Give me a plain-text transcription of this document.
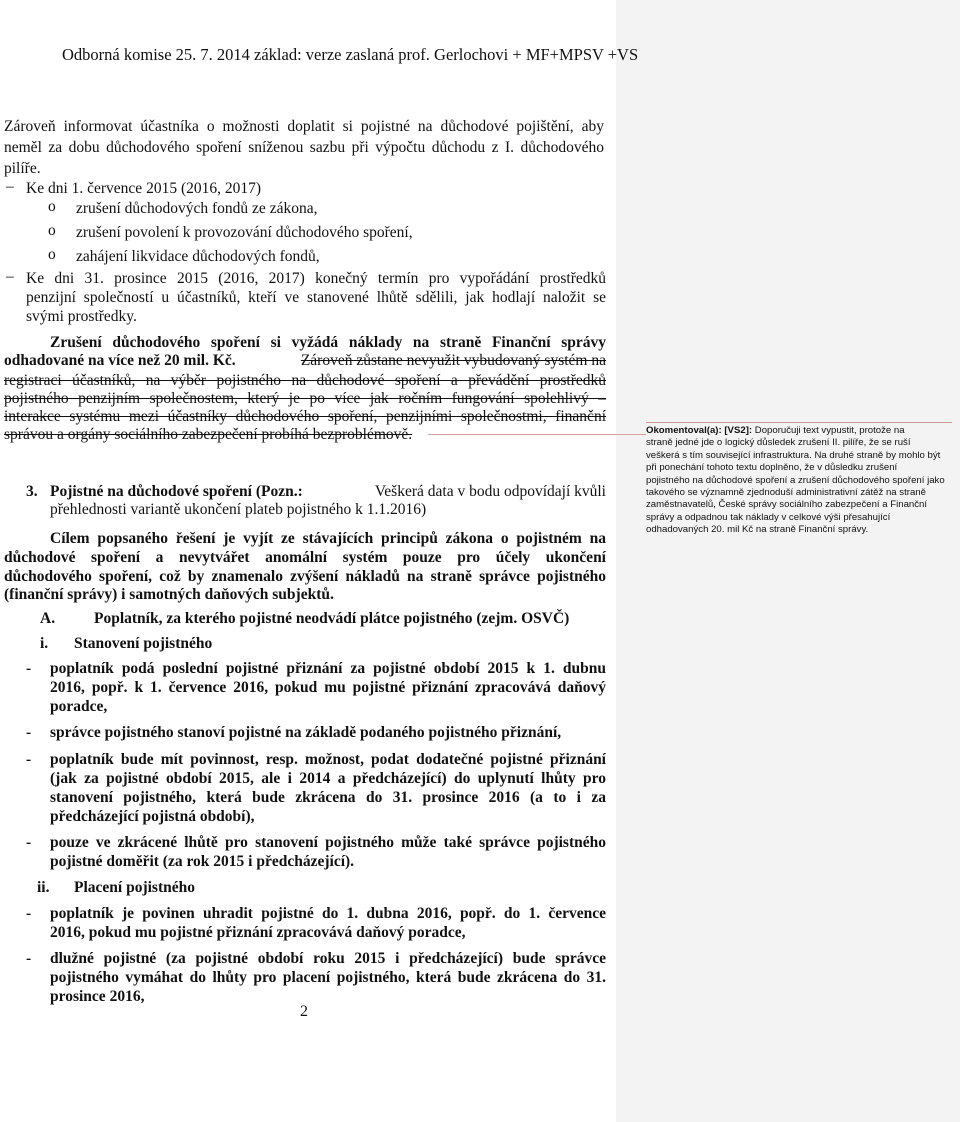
Odborná komise 25. 7. 2014 základ: verze zaslaná prof. Gerlochovi + MF+MPSV +VS
Zároveň informovat účastníka o možnosti doplatit si pojistné na důchodové pojištění, aby
neměl za dobu důchodového spoření sníženou sazbu při výpočtu důchodu z I. důchodového
pilíře.
– Ke dni 1. července 2015 (2016, 2017)
o zrušení důchodových fondů ze zákona,
o zrušení povolení k provozování důchodového spoření,
o zahájení likvidace důchodových fondů,
– Ke dni 31. prosince 2015 (2016, 2017) konečný termín pro vypořádání prostředků
penzijní společností u účastníků, kteří ve stanovené lhůtě sdělili, jak hodlají naložit se
svými prostředky.
Zrušení důchodového spoření si vyžádá náklady na straně Finanční správy
odhadované na více než 20 mil. Kč.	Zároveň zůstane nevyužit vybudovaný systém na
registraci účastníků, na výběr pojistného na důchodové spoření a převádění prostředků
pojistného penzijním společnostem, který je po více jak ročním fungování spolehlivý –
interakce systému mezi účastníky důchodového spoření, penzijními společnostmi, finanční
správou a orgány sociálního zabezpečení probíhá bezproblémově.
3. Pojistné na důchodové spoření (Pozn.:	Veškerá data v bodu odpovídají kvůli
přehlednosti variantě ukončení plateb pojistného k 1.1.2016)
Cílem popsaného řešení je vyjít ze stávajících principů zákona o pojistném na
důchodové spoření a nevytvářet anomální systém pouze pro účely ukončení
důchodového spoření, což by znamenalo zvýšení nákladů na straně správce pojistného
(finanční správy) i samotných daňových subjektů.
A.	Poplatník, za kterého pojistné neodvádí plátce pojistného (zejm. OSVČ)
i. Stanovení pojistného
- poplatník podá poslední pojistné přiznání za pojistné období 2015 k 1. dubnu
2016, popř. k 1. července 2016, pokud mu pojistné přiznání zpracovává daňový
poradce,
- správce pojistného stanoví pojistné na základě podaného pojistného přiznání,
- poplatník bude mít povinnost, resp. možnost, podat dodatečné pojistné přiznání
(jak za pojistné období 2015, ale i 2014 a předcházející) do uplynutí lhůty pro
stanovení pojistného, která bude zkrácena do 31. prosince 2016 (a to i za
předcházející pojistná období),
- pouze ve zkrácené lhůtě pro stanovení pojistného může také správce pojistného
pojistné doměřit (za rok 2015 i předcházející).
ii. Placení pojistného
- poplatník je povinen uhradit pojistné do 1. dubna 2016, popř. do 1. července
2016, pokud mu pojistné přiznání zpracovává daňový poradce,
- dlužné pojistné (za pojistné období roku 2015 i předcházející) bude správce
pojistného vymáhat do lhůty pro placení pojistného, která bude zkrácena do 31.
prosince 2016,
2
Okomentoval(a): [VS2]: Doporučuji text vypustit, protože na
straně jedné jde o logický důsledek zrušení II. pilíře, že se ruší
veškerá s tím související infrastruktura. Na druhé straně by mohlo být
při ponechání tohoto textu doplněno, že v důsledku zrušení
pojistného na důchodové spoření a zrušení důchodového spoření jako
takového se významně zjednoduší administrativní zátěž na straně
zaměstnavatelů, České správy sociálního zabezpečení a Finanční
správy a odpadnou tak náklady v celkové výši přesahující
odhadovaných 20. mil Kč na straně Finanční správy.
